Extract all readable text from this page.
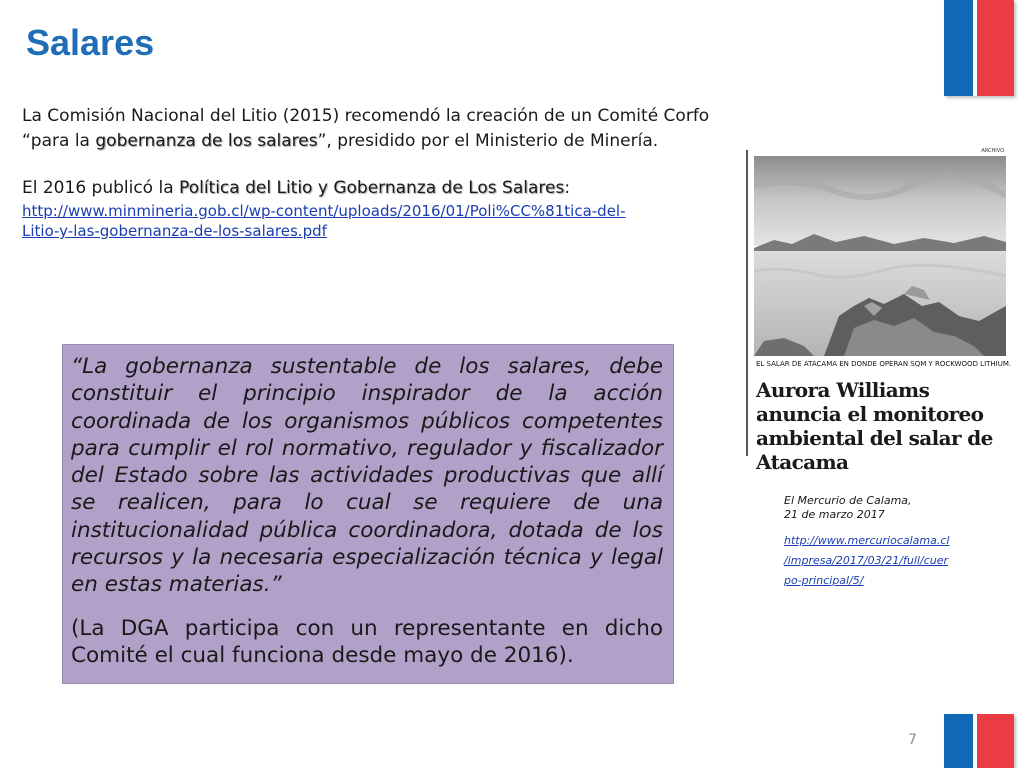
Salares

La Comisión Nacional del Litio (2015) recomendó la creación de un Comité Corfo “para la gobernanza de los salares”, presidido por el Ministerio de Minería.

El 2016 publicó la Política del Litio y Gobernanza de Los Salares:

http://www.minmineria.gob.cl/wp-content/uploads/2016/01/Poli%CC%81tica-del-
Litio-y-las-gobernanza-de-los-salares.pdf

“La gobernanza sustentable de los salares, debe constituir el principio inspirador de la acción coordinada de los organismos públicos competentes para cumplir el rol normativo, regulador y fiscalizador del Estado sobre las actividades productivas que allí se realicen, para lo cual se requiere de una institucionalidad pública coordinadora, dotada de los recursos y la necesaria especialización técnica y legal en estas materias.”

(La DGA participa con un representante en dicho Comité el cual funciona desde mayo de 2016).

ARCHIVO
EL SALAR DE ATACAMA EN DONDE OPERAN SQM Y ROCKWOOD LITHIUM.
Aurora Williams anuncia el monitoreo ambiental del salar de Atacama
El Mercurio de Calama,
21 de marzo 2017
http://www.mercuriocalama.cl
/impresa/2017/03/21/full/cuer
po-principal/5/
7
